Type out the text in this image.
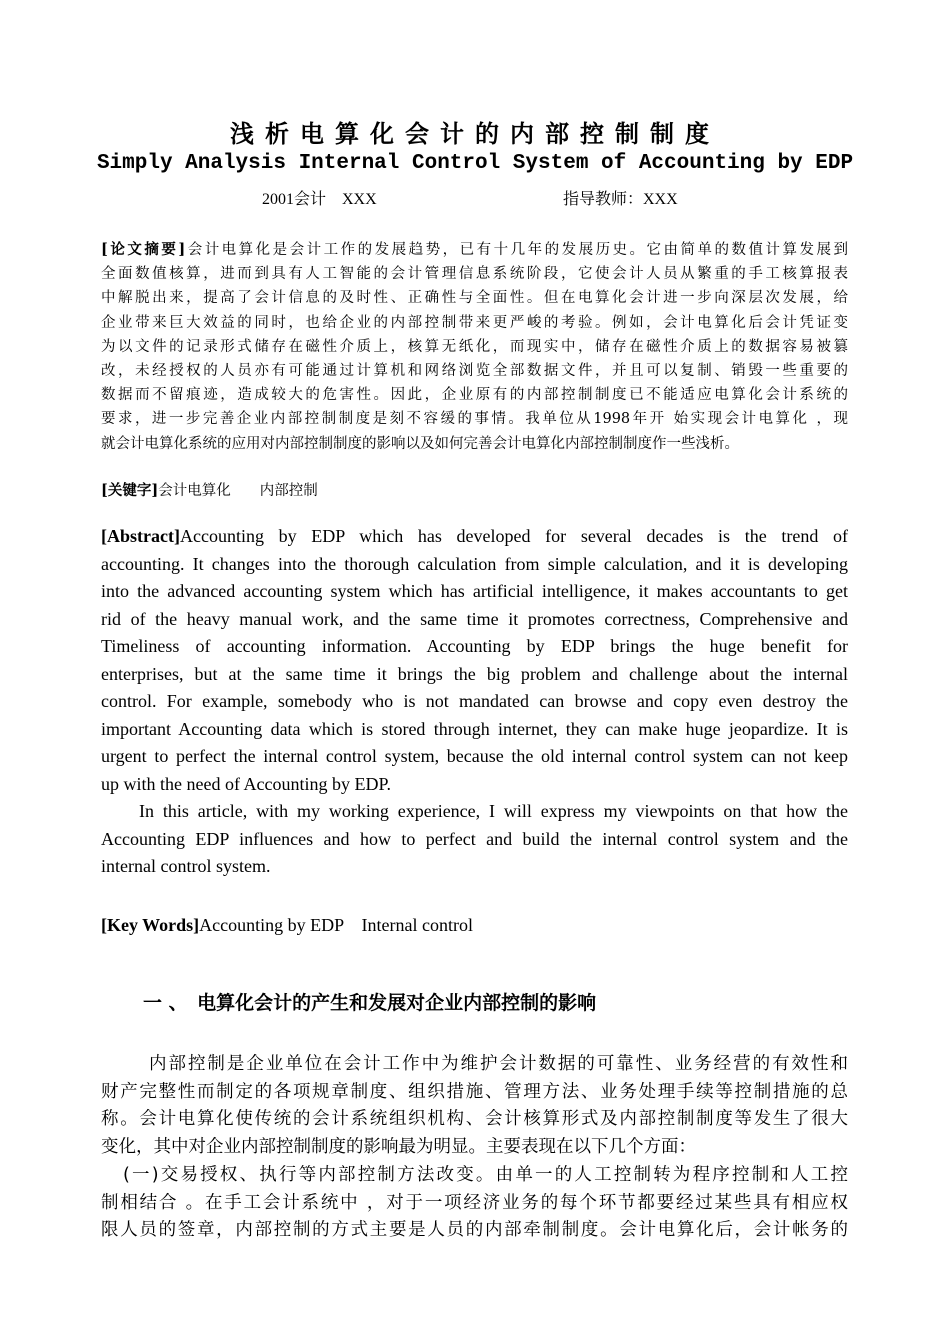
浅析电算化会计的内部控制制度
Simply Analysis Internal Control System of Accounting by EDP
2001会计　XXX	指导教师：XXX
[论文摘要]会计电算化是会计工作的发展趋势，已有十几年的发展历史。它由简单的数值计算发展到
全面数值核算，进而到具有人工智能的会计管理信息系统阶段，它使会计人员从繁重的手工核算报表
中解脱出来，提高了会计信息的及时性、正确性与全面性。但在电算化会计进一步向深层次发展，给
企业带来巨大效益的同时，也给企业的内部控制带来更严峻的考验。例如，会计电算化后会计凭证变
为以文件的记录形式储存在磁性介质上，核算无纸化，而现实中，储存在磁性介质上的数据容易被篡
改，未经授权的人员亦有可能通过计算机和网络浏览全部数据文件，并且可以复制、销毁一些重要的
数据而不留痕迹，造成较大的危害性。因此，企业原有的内部控制制度已不能适应电算化会计系统的
要求，进一步完善企业内部控制制度是刻不容缓的事情。我单位从1998年开 始实现会计电算化 ，现
就会计电算化系统的应用对内部控制制度的影响以及如何完善会计电算化内部控制制度作一些浅析。
[关键字]会计电算化　　内部控制
[Abstract]Accounting by EDP which has developed for several decades is the trend of
accounting. It changes into the thorough calculation from simple calculation, and it is developing
into the advanced accounting system which has artificial intelligence, it makes accountants to get
rid of the heavy manual work, and the same time it promotes correctness, Comprehensive and
Timeliness of accounting information. Accounting by EDP brings the huge benefit for
enterprises, but at the same time it brings the big problem and challenge about the internal
control. For example, somebody who is not mandated can browse and copy even destroy the
important Accounting data which is stored through internet, they can make huge jeopardize. It is
urgent to perfect the internal control system, because the old internal control system can not keep
up with the need of Accounting by EDP.
In this article, with my working experience, I will express my viewpoints on that how the
Accounting EDP influences and how to perfect and build the internal control system and the
internal control system.
[Key Words]Accounting by EDP　Internal control
一 、　电算化会计的产生和发展对企业内部控制的影响
内部控制是企业单位在会计工作中为维护会计数据的可靠性、业务经营的有效性和
财产完整性而制定的各项规章制度、组织措施、管理方法、业务处理手续等控制措施的总
称。会计电算化使传统的会计系统组织机构、会计核算形式及内部控制制度等发生了很大
变化，其中对企业内部控制制度的影响最为明显。主要表现在以下几个方面：
(一)交易授权、执行等内部控制方法改变。由单一的人工控制转为程序控制和人工控
制相结合 。在手工会计系统中 ，对于一项经济业务的每个环节都要经过某些具有相应权
限人员的签章，内部控制的方式主要是人员的内部牵制制度。会计电算化后，会计帐务的
